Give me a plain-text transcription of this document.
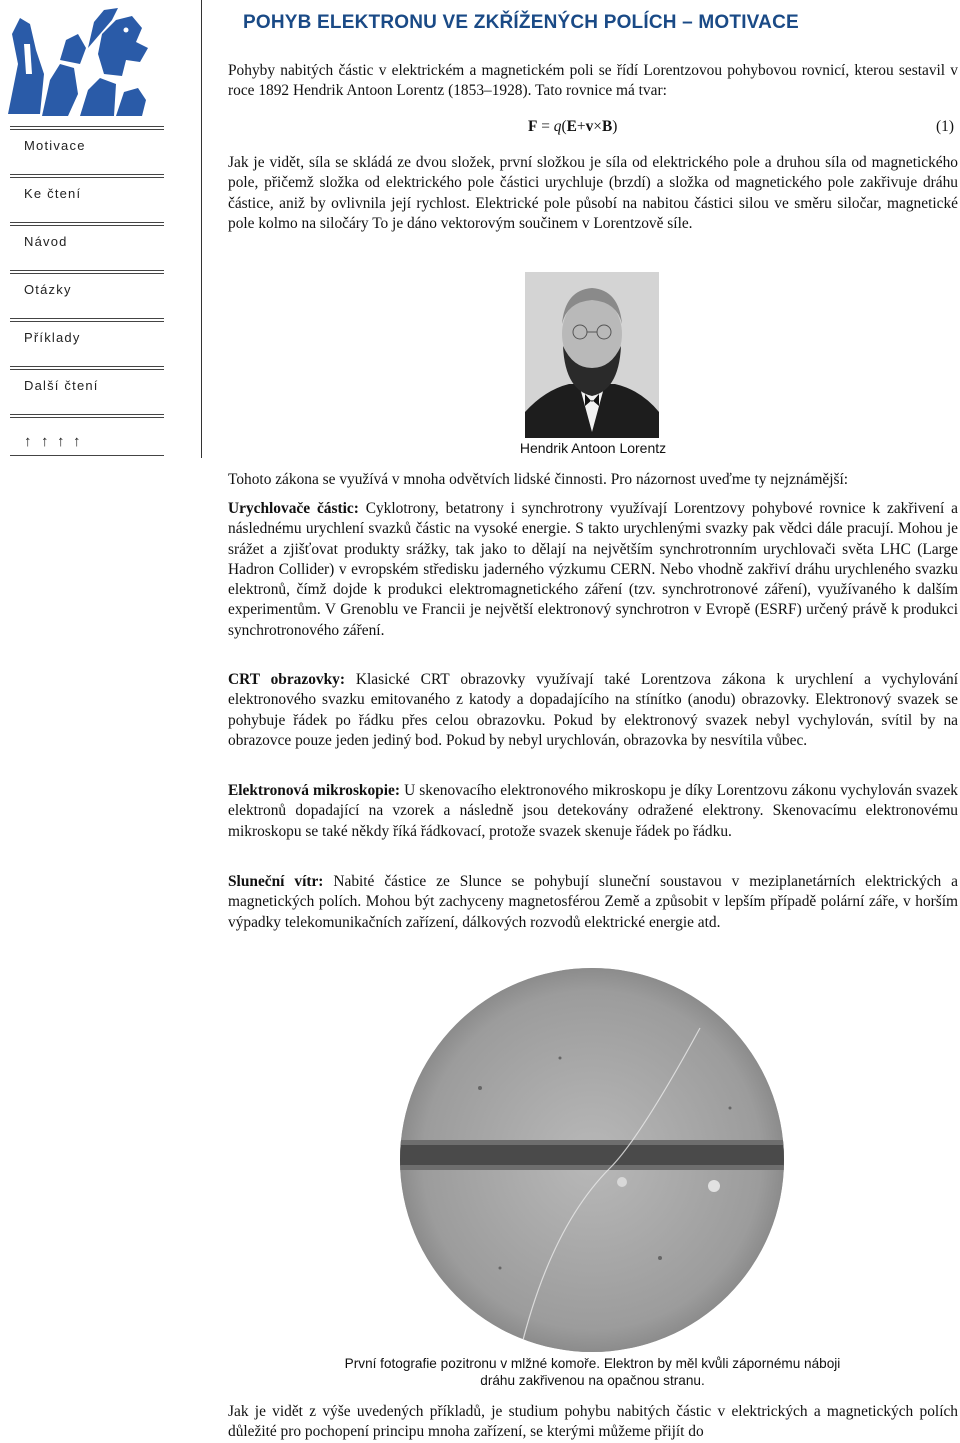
Motivace
Ke čtení
Návod
Otázky
Příklady
Další čtení
↑ ↑ ↑ ↑
POHYB ELEKTRONU VE ZKŘÍŽENÝCH POLÍCH – MOTIVACE

Pohyby nabitých částic v elektrickém a magnetickém poli se řídí Lorentzovou pohybovou rovnicí, kterou sestavil v roce 1892 Hendrik Antoon Lorentz (1853–1928). Tato rovnice má tvar:

F = q(E+v×B)	(1)

Jak je vidět, síla se skládá ze dvou složek, první složkou je síla od elektrického pole a druhou síla od magnetického pole, přičemž složka od elektrického pole částici urychluje (brzdí) a složka od magnetického pole zakřivuje dráhu částice, aniž by ovlivnila její rychlost. Elektrické pole působí na nabitou částici silou ve směru siločar, magnetické pole kolmo na siločáry To je dáno vektorovým součinem v Lorentzově síle.

Hendrik Antoon Lorentz

Tohoto zákona se využívá v mnoha odvětvích lidské činnosti. Pro názornost uveďme ty nejznámější:

Urychlovače částic: Cyklotrony, betatrony i synchrotrony využívají Lorentzovy pohybové rovnice k zakřivení a následnému urychlení svazků částic na vysoké energie. S takto urychlenými svazky pak vědci dále pracují. Mohou je srážet a zjišťovat produkty srážky, tak jako to dělají na největším synchrotronním urychlovači světa LHC (Large Hadron Collider) v evropském středisku jaderného výzkumu CERN. Nebo vhodně zakřiví dráhu urychleného svazku elektronů, čímž dojde k produkci elektromagnetického záření (tzv. synchrotronové záření), využívaného k dalším experimentům. V Grenoblu ve Francii je největší elektronový synchrotron v Evropě (ESRF) určený právě k produkci synchrotronového záření.

CRT obrazovky: Klasické CRT obrazovky využívají také Lorentzova zákona k urychlení a vychylování elektronového svazku emitovaného z katody a dopadajícího na stínítko (anodu) obrazovky. Elektronový svazek se pohybuje řádek po řádku přes celou obrazovku. Pokud by elektronový svazek nebyl vychylován, svítil by na obrazovce pouze jeden jediný bod. Pokud by nebyl urychlován, obrazovka by nesvítila vůbec.

Elektronová mikroskopie: U skenovacího elektronového mikroskopu je díky Lorentzovu zákonu vychylován svazek elektronů dopadající na vzorek a následně jsou detekovány odražené elektrony. Skenovacímu elektronovému mikroskopu se také někdy říká řádkovací, protože svazek skenuje řádek po řádku.

Sluneční vítr: Nabité částice ze Slunce se pohybují sluneční soustavou v meziplanetárních elektrických a magnetických polích. Mohou být zachyceny magnetosférou Země a způsobit v lepším případě polární záře, v horším výpadky telekomunikačních zařízení, dálkových rozvodů elektrické energie atd.

První fotografie pozitronu v mlžné komoře. Elektron by měl kvůli zápornému náboji
dráhu zakřivenou na opačnou stranu.

Jak je vidět z výše uvedených příkladů, je studium pohybu nabitých částic v elektrických a magnetických polích důležité pro pochopení principu mnoha zařízení, se kterými můžeme přijít do
